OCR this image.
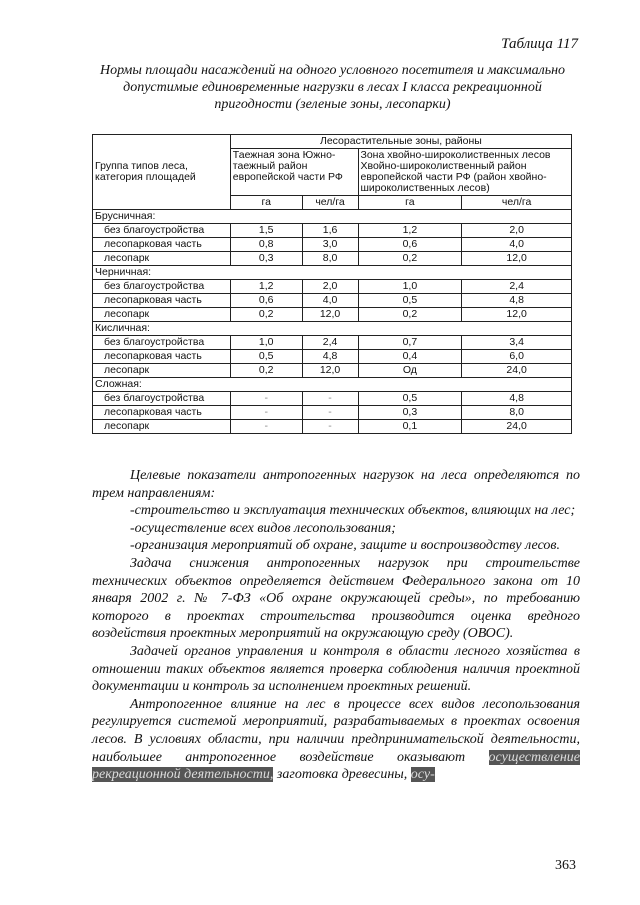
Таблица 117
Нормы площади насаждений на одного условного посетителя и максимально допустимые единовременные нагрузки в лесах I класса рекреационной пригодности (зеленые зоны, лесопарки)
Группа типов леса, категория площадей	Лесорастительные зоны, районы			
	Таежная зона Южно-таежный район европейской части РФ		Зона хвойно-широколиственных лесов Хвойно-широколиственный район европейской части РФ (район хвойно-широколиственных лесов)	
	га	чел/га	га	чел/га
Брусничная:				
без благоустройства	1,5	1,6	1,2	2,0
лесопарковая часть	0,8	3,0	0,6	4,0
лесопарк	0,3	8,0	0,2	12,0
Черничная:				
без благоустройства	1,2	2,0	1,0	2,4
лесопарковая часть	0,6	4,0	0,5	4,8
лесопарк	0,2	12,0	0,2	12,0
Кисличная:				
без благоустройства	1,0	2,4	0,7	3,4
лесопарковая часть	0,5	4,8	0,4	6,0
лесопарк	0,2	12,0	Од	24,0
Сложная:				
без благоустройства	-	-	0,5	4,8
лесопарковая часть	-	-	0,3	8,0
лесопарк	-	-	0,1	24,0

Целевые показатели антропогенных нагрузок на леса определяются по трем направлениям:

-строительство и эксплуатация технических объектов, влияющих на лес;

-осуществление всех видов лесопользования;

-организация мероприятий об охране, защите и воспроизводству лесов.

Задача снижения антропогенных нагрузок при строительстве технических объектов определяется действием Федерального закона от 10 января 2002 г. № 7-ФЗ «Об охране окружающей среды», по требованию которого в проектах строительства производится оценка вредного воздействия проектных мероприятий на окружающую среду (ОВОС).

Задачей органов управления и контроля в области лесного хозяйства в отношении таких объектов является проверка соблюдения наличия проектной документации и контроль за исполнением проектных решений.

Антропогенное влияние на лес в процессе всех видов лесопользования регулируется системой мероприятий, разрабатываемых в проектах освоения лесов. В условиях области, при наличии предпринимательской деятельности, наибольшее антропогенное воздействие оказывают осуществление рекреационной деятельности, заготовка древесины, осу-

363
